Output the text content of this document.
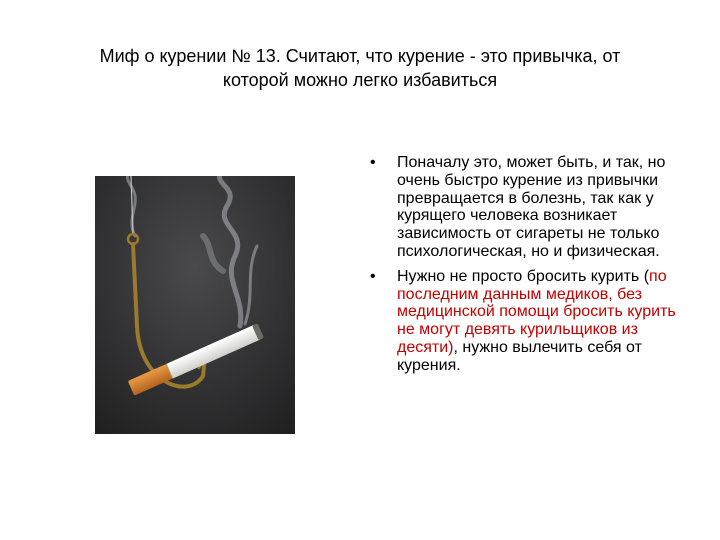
Миф о курении № 13. Считают, что курение - это привычка, от
которой можно легко избавиться
• Поначалу это, может быть, и так, но очень быстро курение из привычки превращается в болезнь, так как у курящего человека возникает зависимость от сигареты не только психологическая, но и физическая.
• Нужно не просто бросить курить (по последним данным медиков, без медицинской помощи бросить курить не могут девять курильщиков из десяти), нужно вылечить себя от курения.
